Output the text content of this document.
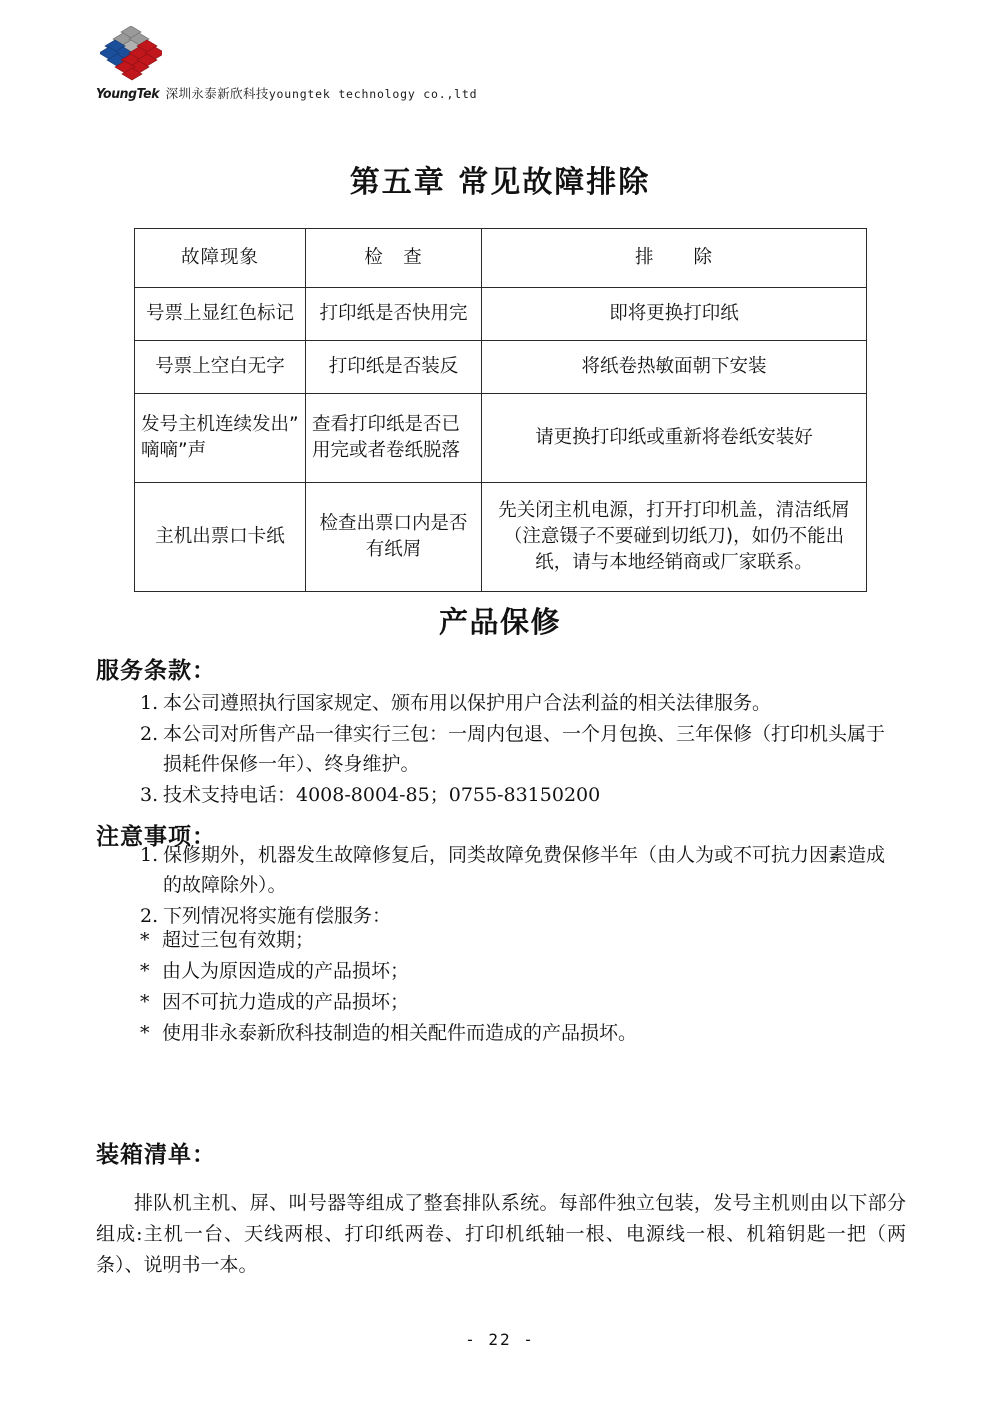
YoungTek 深圳永泰新欣科技 youngtek technology co.,ltd
第五章 常见故障排除
故障现象	检　查	排　　除
号票上显红色标记	打印纸是否快用完	即将更换打印纸
号票上空白无字	打印纸是否装反	将纸卷热敏面朝下安装
发号主机连续发出”嘀嘀”声	查看打印纸是否已用完或者卷纸脱落	请更换打印纸或重新将卷纸安装好
主机出票口卡纸	检查出票口内是否有纸屑	先关闭主机电源，打开打印机盖，清洁纸屑（注意镊子不要碰到切纸刀)，如仍不能出纸，请与本地经销商或厂家联系。
产品保修
服务条款：
1. 本公司遵照执行国家规定、颁布用以保护用户合法利益的相关法律服务。
2. 本公司对所售产品一律实行三包：一周内包退、一个月包换、三年保修（打印机头属于损耗件保修一年）、终身维护。
3. 技术支持电话：4008-8004-85；0755-83150200
注意事项：
1. 保修期外，机器发生故障修复后，同类故障免费保修半年（由人为或不可抗力因素造成的故障除外）。
2. 下列情况将实施有偿服务：
* 超过三包有效期；
* 由人为原因造成的产品损坏；
* 因不可抗力造成的产品损坏；
* 使用非永泰新欣科技制造的相关配件而造成的产品损坏。
装箱清单：
排队机主机、屏、叫号器等组成了整套排队系统。每部件独立包装，发号主机则由以下部分组成:主机一台、天线两根、打印纸两卷、打印机纸轴一根、电源线一根、机箱钥匙一把（两条）、说明书一本。
- 22 -
